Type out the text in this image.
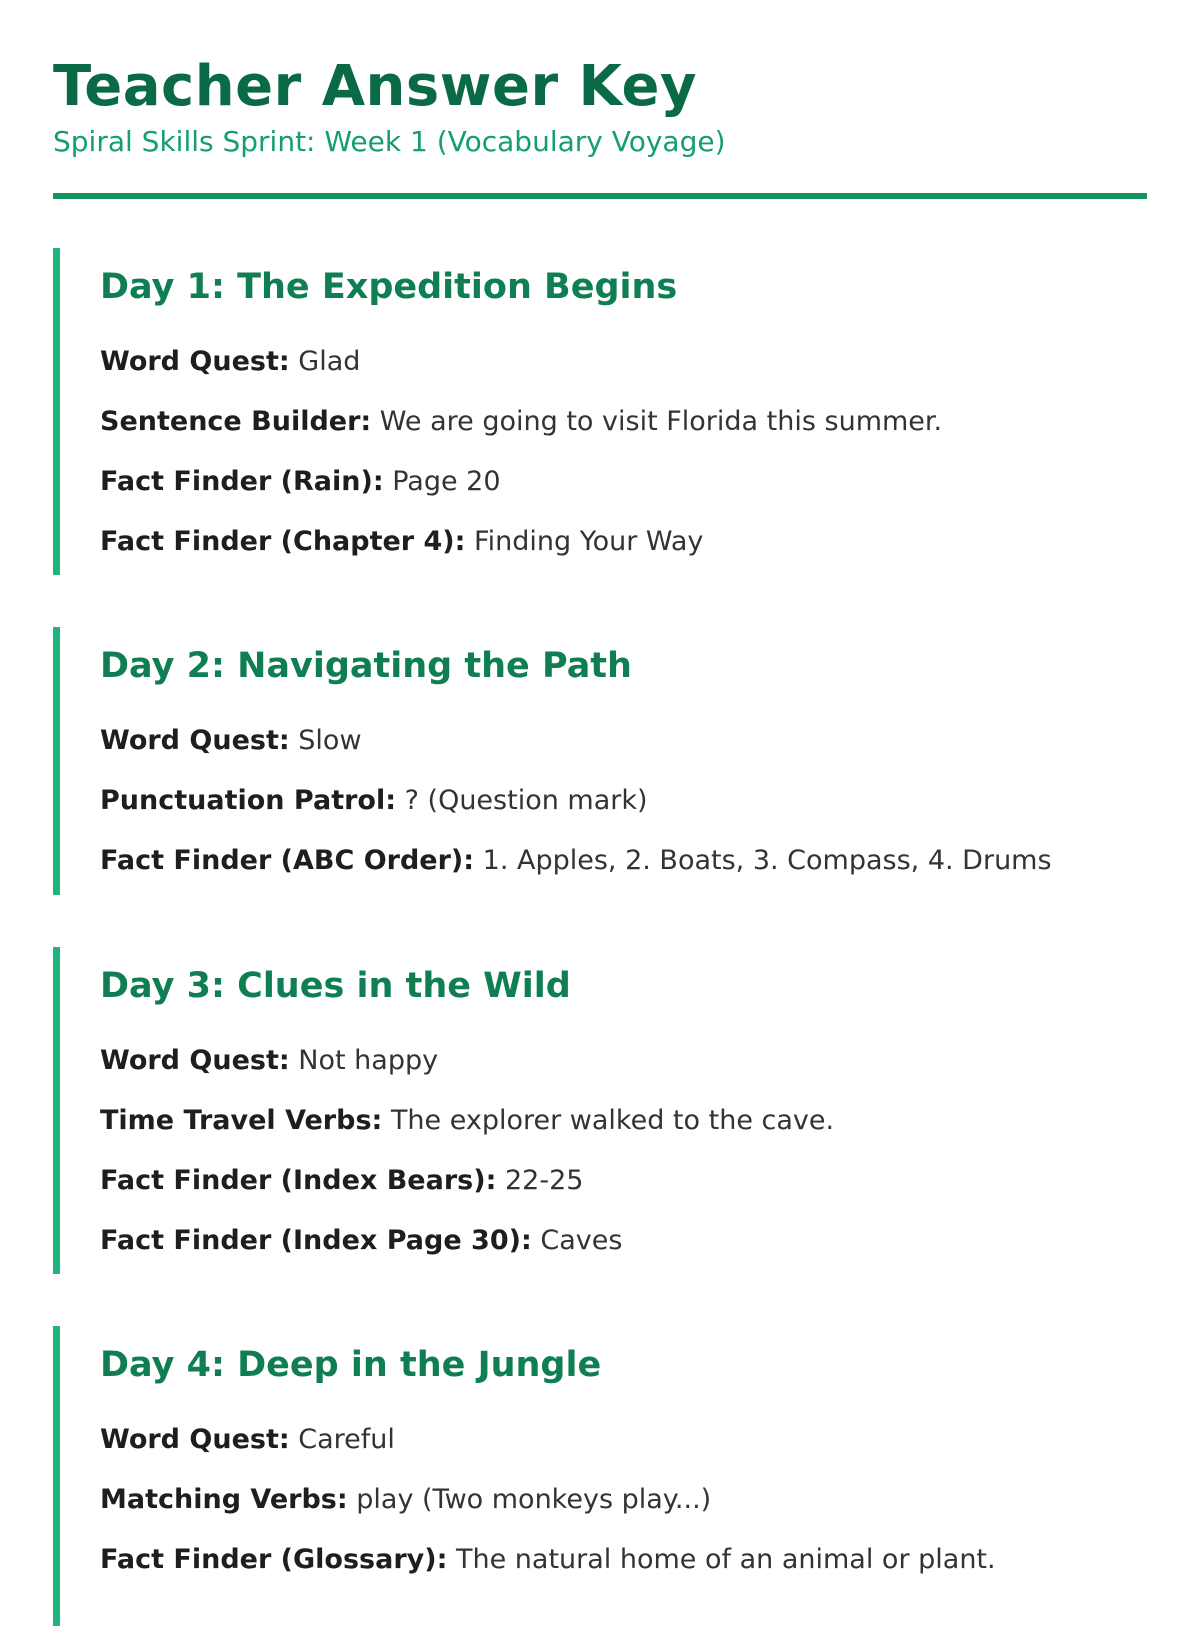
Teacher Answer Key
Spiral Skills Sprint: Week 1 (Vocabulary Voyage)
Day 1: The Expedition Begins
Word Quest: Glad
Sentence Builder: We are going to visit Florida this summer.
Fact Finder (Rain): Page 20
Fact Finder (Chapter 4): Finding Your Way
Day 2: Navigating the Path
Word Quest: Slow
Punctuation Patrol: ? (Question mark)
Fact Finder (ABC Order): 1. Apples, 2. Boats, 3. Compass, 4. Drums
Day 3: Clues in the Wild
Word Quest: Not happy
Time Travel Verbs: The explorer walked to the cave.
Fact Finder (Index Bears): 22-25
Fact Finder (Index Page 30): Caves
Day 4: Deep in the Jungle
Word Quest: Careful
Matching Verbs: play (Two monkeys play...)
Fact Finder (Glossary): The natural home of an animal or plant.
